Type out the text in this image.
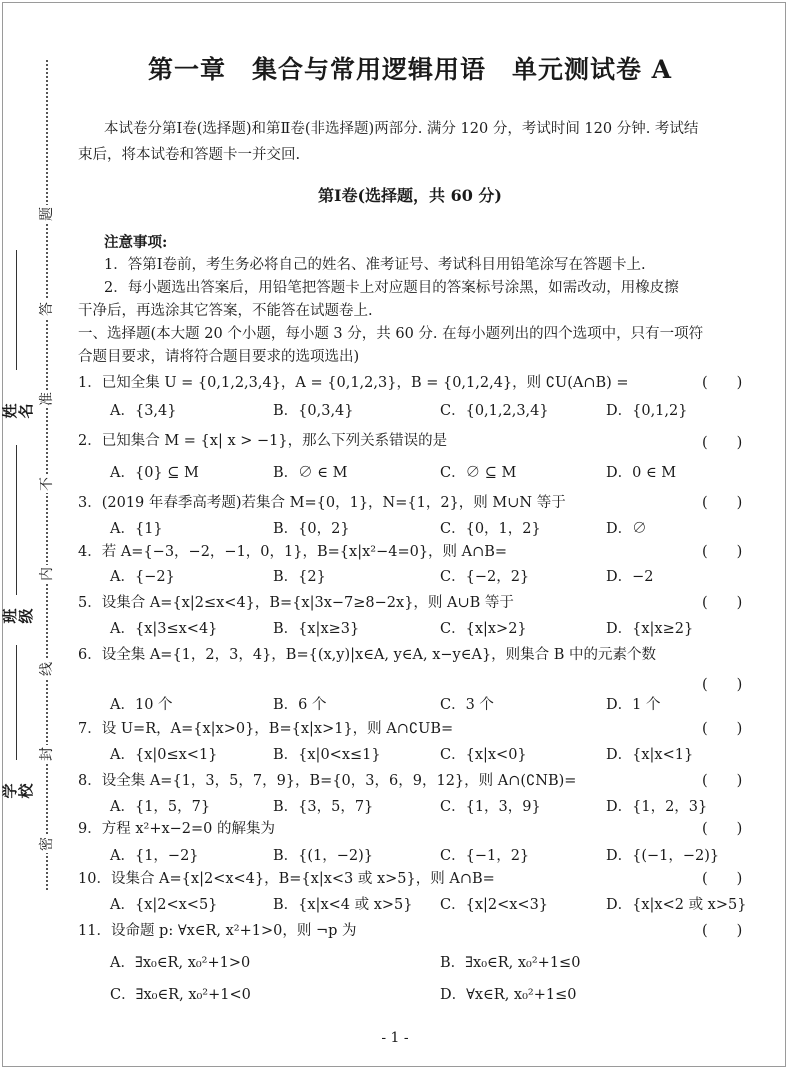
题
答
准
不
内
线
封
密
姓名
班级
学校
第一章　集合与常用逻辑用语　单元测试卷 A
本试卷分第Ⅰ卷(选择题)和第Ⅱ卷(非选择题)两部分. 满分 120 分，考试时间 120 分钟. 考试结
束后，将本试卷和答题卡一并交回.
第Ⅰ卷(选择题，共 60 分)
注意事项:
1．答第Ⅰ卷前，考生务必将自己的姓名、准考证号、考试科目用铅笔涂写在答题卡上.
2．每小题选出答案后，用铅笔把答题卡上对应题目的答案标号涂黑，如需改动，用橡皮擦
干净后，再选涂其它答案，不能答在试题卷上.
一、选择题(本大题 20 个小题，每小题 3 分，共 60 分. 在每小题列出的四个选项中，只有一项符
合题目要求，请将符合题目要求的选项选出)
1．已知全集 U = {0,1,2,3,4}，A = {0,1,2,3}，B = {0,1,2,4}，则 ∁U(A∩B) =	(　　)
A．{3,4}	B．{0,3,4}	C．{0,1,2,3,4}	D．{0,1,2}
2．已知集合 M = {x| x > −1}，那么下列关系错误的是	(　　)
A．{0} ⊆ M	B．∅ ∈ M	C．∅ ⊆ M	D．0 ∈ M
3．(2019 年春季高考题)若集合 M={0，1}，N={1，2}，则 M∪N 等于	(　　)
A．{1}	B．{0，2}	C．{0，1，2}	D．∅
4．若 A={−3，−2，−1，0，1}，B={x|x²−4=0}，则 A∩B=	(　　)
A．{−2}	B．{2}	C．{−2，2}	D．−2
5．设集合 A={x|2≤x<4}，B={x|3x−7≥8−2x}，则 A∪B 等于	(　　)
A．{x|3≤x<4}	B．{x|x≥3}	C．{x|x>2}	D．{x|x≥2}
6．设全集 A={1，2，3，4}，B={(x,y)|x∈A, y∈A, x−y∈A}，则集合 B 中的元素个数
(　　)
A．10 个	B．6 个	C．3 个	D．1 个
7．设 U=R，A={x|x>0}，B={x|x>1}，则 A∩∁UB=	(　　)
A．{x|0≤x<1}	B．{x|0<x≤1}	C．{x|x<0}	D．{x|x<1}
8．设全集 A={1，3，5，7，9}，B={0，3，6，9，12}，则 A∩(∁NB)=	(　　)
A．{1，5，7}	B．{3，5，7}	C．{1，3，9}	D．{1，2，3}
9．方程 x²+x−2=0 的解集为	(　　)
A．{1，−2}	B．{(1，−2)}	C．{−1，2}	D．{(−1，−2)}
10．设集合 A={x|2<x<4}，B={x|x<3 或 x>5}，则 A∩B=	(　　)
A．{x|2<x<5}	B．{x|x<4 或 x>5} C．{x|2<x<3}	D．{x|x<2 或 x>5}
11．设命题 p: ∀x∈R, x²+1>0，则 ¬p 为	(　　)
A．∃x₀∈R, x₀²+1>0	B．∃x₀∈R, x₀²+1≤0
C．∃x₀∈R, x₀²+1<0	D．∀x∈R, x₀²+1≤0
- 1 -
